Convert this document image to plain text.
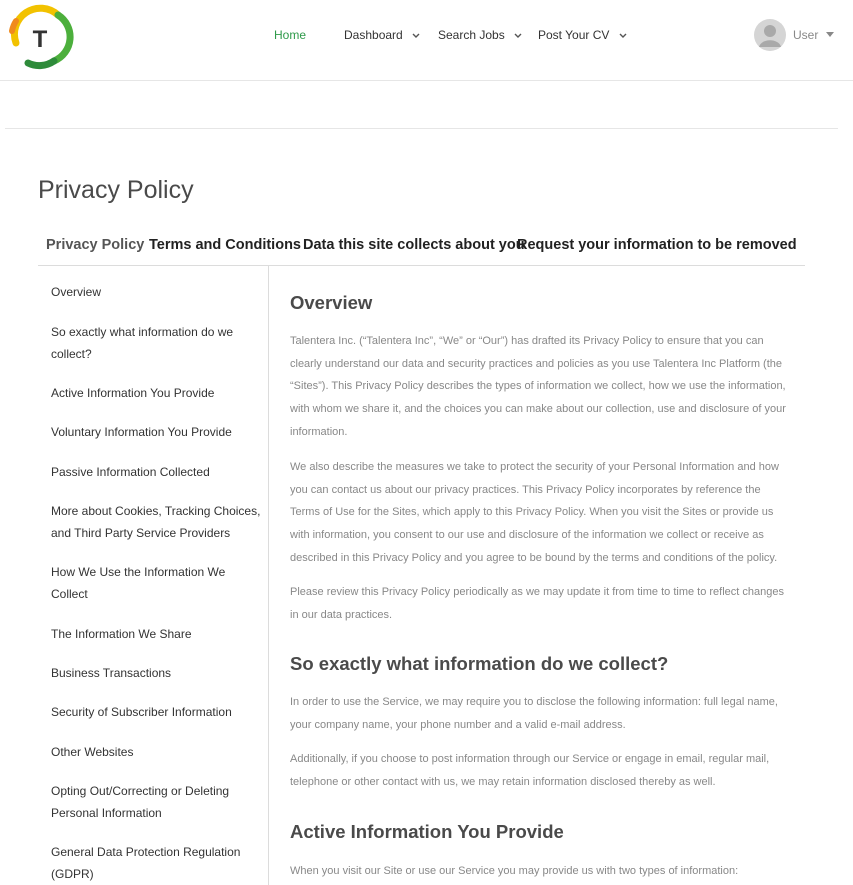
T	Home	Dashboard	Search Jobs	Post Your CV	User
Privacy Policy
Privacy Policy Terms and Conditions Data this site collects about you
Request your information to be removed
Overview
So exactly what information do we collect?
Active Information You Provide
Voluntary Information You Provide
Passive Information Collected
More about Cookies, Tracking Choices, and Third Party Service Providers
How We Use the Information We Collect
The Information We Share
Business Transactions
Security of Subscriber Information
Other Websites
Opting Out/Correcting or Deleting Personal Information
General Data Protection Regulation (GDPR)
Overview

Talentera Inc. (“Talentera Inc”, “We” or “Our”) has drafted its Privacy Policy to ensure that you can clearly understand our data and security practices and policies as you use Talentera Inc Platform (the “Sites”). This Privacy Policy describes the types of information we collect, how we use the information, with whom we share it, and the choices you can make about our collection, use and disclosure of your information.

We also describe the measures we take to protect the security of your Personal Information and how you can contact us about our privacy practices. This Privacy Policy incorporates by reference the Terms of Use for the Sites, which apply to this Privacy Policy. When you visit the Sites or provide us with information, you consent to our use and disclosure of the information we collect or receive as described in this Privacy Policy and you agree to be bound by the terms and conditions of the policy.

Please review this Privacy Policy periodically as we may update it from time to time to reflect changes in our data practices.

So exactly what information do we collect?

In order to use the Service, we may require you to disclose the following information: full legal name, your company name, your phone number and a valid e-mail address.

Additionally, if you choose to post information through our Service or engage in email, regular mail, telephone or other contact with us, we may retain information disclosed thereby as well.

Active Information You Provide

When you visit our Site or use our Service you may provide us with two types of information:
